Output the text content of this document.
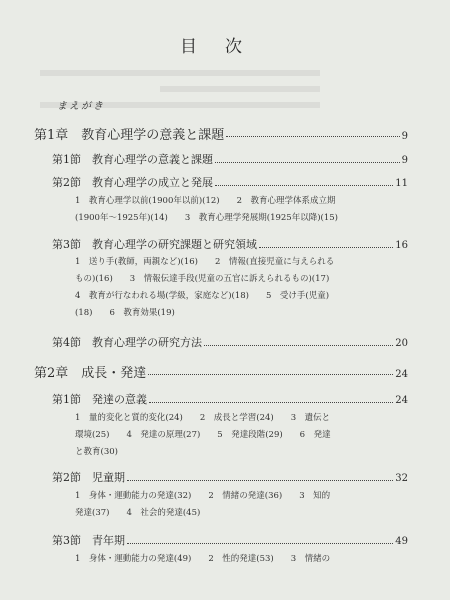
目次
まえがき
第1章　教育心理学の意義と課題	9
第1節　教育心理学の意義と課題	9
第2節　教育心理学の成立と発展	11
1　教育心理学以前(1900年以前)(12)　　2　教育心理学体系成立期
(1900年〜1925年)(14)　　3　教育心理学発展期(1925年以降)(15)
第3節　教育心理学の研究課題と研究領域	16
1　送り手(教師，両親など)(16)　　2　情報(直接児童に与えられる
もの)(16)　　3　情報伝達手段(児童の五官に訴えられるもの)(17)
4　教育が行なわれる場(学級，家庭など)(18)　　5　受け手(児童)
(18)　　6　教育効果(19)
第4節　教育心理学の研究方法	20
第2章　成長・発達	24
第1節　発達の意義	24
1　量的変化と質的変化(24)　　2　成長と学習(24)　　3　遺伝と
環境(25)　　4　発達の原理(27)　　5　発達段階(29)　　6　発達
と教育(30)
第2節　児童期	32
1　身体・運動能力の発達(32)　　2　情緒の発達(36)　　3　知的
発達(37)　　4　社会的発達(45)
第3節　青年期	49
1　身体・運動能力の発達(49)　　2　性的発達(53)　　3　情緒の
